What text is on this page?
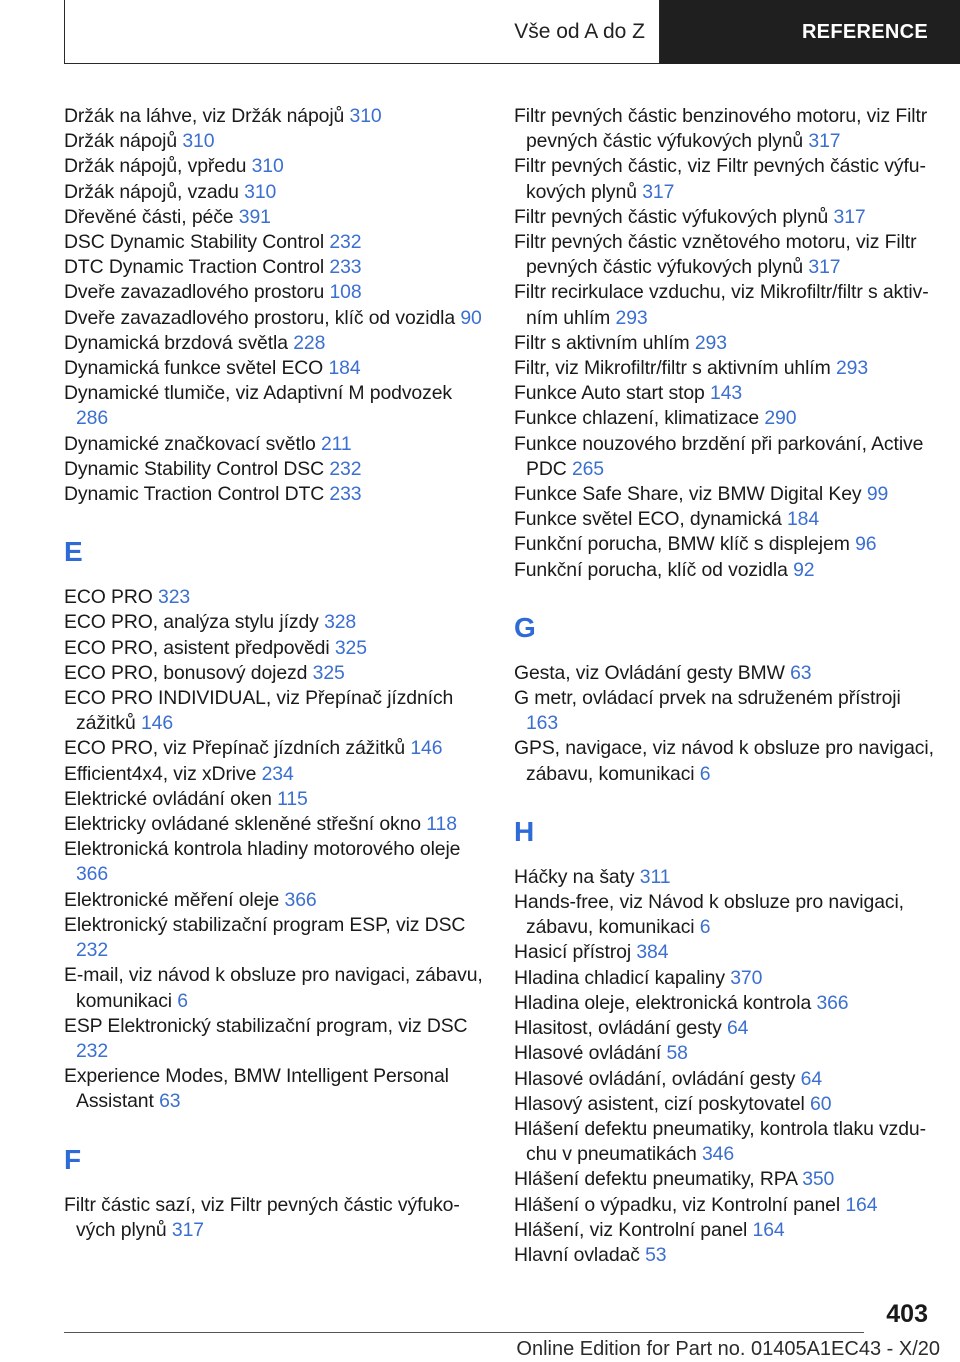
Vše od A do Z	REFERENCE
Držák na láhve, viz Držák nápojů 310
Držák nápojů 310
Držák nápojů, vpředu 310
Držák nápojů, vzadu 310
Dřevěné části, péče 391
DSC Dynamic Stability Control 232
DTC Dynamic Traction Control 233
Dveře zavazadlového prostoru 108
Dveře zavazadlového prostoru, klíč od vozidla 90
Dynamická brzdová světla 228
Dynamická funkce světel ECO 184
Dynamické tlumiče, viz Adaptivní M podvozek 286
Dynamické značkovací světlo 211
Dynamic Stability Control DSC 232
Dynamic Traction Control DTC 233
E
ECO PRO 323
ECO PRO, analýza stylu jízdy 328
ECO PRO, asistent předpovědi 325
ECO PRO, bonusový dojezd 325
ECO PRO INDIVIDUAL, viz Přepínač jízdních zážitků 146
ECO PRO, viz Přepínač jízdních zážitků 146
Efficient4x4, viz xDrive 234
Elektrické ovládání oken 115
Elektricky ovládané skleněné střešní okno 118
Elektronická kontrola hladiny motorového oleje 366
Elektronické měření oleje 366
Elektronický stabilizační program ESP, viz DSC 232
E-mail, viz návod k obsluze pro navigaci, zábavu, komunikaci 6
ESP Elektronický stabilizační program, viz DSC 232
Experience Modes, BMW Intelligent Personal Assistant 63
F
Filtr částic sazí, viz Filtr pevných částic výfukových plynů 317
Filtr pevných částic benzinového motoru, viz Filtr pevných částic výfukových plynů 317
Filtr pevných částic, viz Filtr pevných částic výfukových plynů 317
Filtr pevných částic výfukových plynů 317
Filtr pevných částic vznětového motoru, viz Filtr pevných částic výfukových plynů 317
Filtr recirkulace vzduchu, viz Mikrofiltr/filtr s aktivním uhlím 293
Filtr s aktivním uhlím 293
Filtr, viz Mikrofiltr/filtr s aktivním uhlím 293
Funkce Auto start stop 143
Funkce chlazení, klimatizace 290
Funkce nouzového brzdění při parkování, Active PDC 265
Funkce Safe Share, viz BMW Digital Key 99
Funkce světel ECO, dynamická 184
Funkční porucha, BMW klíč s displejem 96
Funkční porucha, klíč od vozidla 92
G
Gesta, viz Ovládání gesty BMW 63
G metr, ovládací prvek na sdruženém přístroji 163
GPS, navigace, viz návod k obsluze pro navigaci, zábavu, komunikaci 6
H
Háčky na šaty 311
Hands-free, viz Návod k obsluze pro navigaci, zábavu, komunikaci 6
Hasicí přístroj 384
Hladina chladicí kapaliny 370
Hladina oleje, elektronická kontrola 366
Hlasitost, ovládání gesty 64
Hlasové ovládání 58
Hlasové ovládání, ovládání gesty 64
Hlasový asistent, cizí poskytovatel 60
Hlášení defektu pneumatiky, kontrola tlaku vzduchu v pneumatikách 346
Hlášení defektu pneumatiky, RPA 350
Hlášení o výpadku, viz Kontrolní panel 164
Hlášení, viz Kontrolní panel 164
Hlavní ovladač 53
403
Online Edition for Part no. 01405A1EC43 - X/20
